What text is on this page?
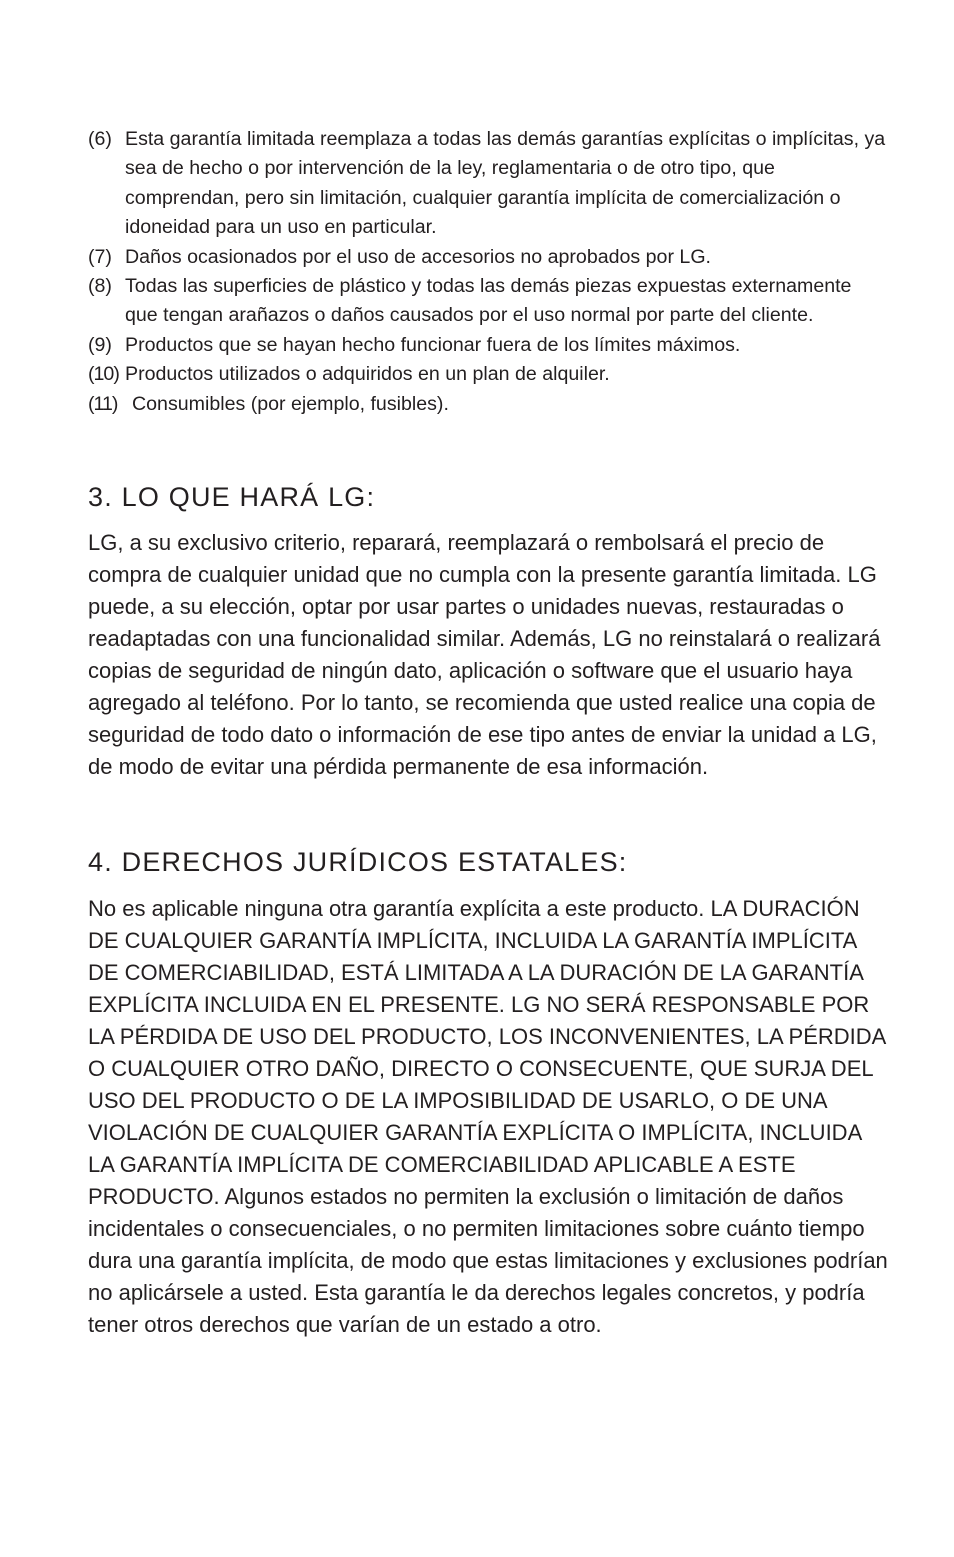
(6) Esta garantía limitada reemplaza a todas las demás garantías explícitas o implícitas, ya sea de hecho o por intervención de la ley, reglamentaria o de otro tipo, que comprendan, pero sin limitación, cualquier garantía implícita de comercialización o idoneidad para un uso en particular.
(7) Daños ocasionados por el uso de accesorios no aprobados por LG.
(8) Todas las superficies de plástico y todas las demás piezas expuestas externamente que tengan arañazos o daños causados por el uso normal por parte del cliente.
(9) Productos que se hayan hecho funcionar fuera de los límites máximos.
(10) Productos utilizados o adquiridos en un plan de alquiler.
(11) Consumibles (por ejemplo, fusibles).
3. LO QUE HARÁ LG:

LG, a su exclusivo criterio, reparará, reemplazará o rembolsará el precio de compra de cualquier unidad que no cumpla con la presente garantía limitada. LG puede, a su elección, optar por usar partes o unidades nuevas, restauradas o readaptadas con una funcionalidad similar. Además, LG no reinstalará o realizará copias de seguridad de ningún dato, aplicación o software que el usuario haya agregado al teléfono. Por lo tanto, se recomienda que usted realice una copia de seguridad de todo dato o información de ese tipo antes de enviar la unidad a LG, de modo de evitar una pérdida permanente de esa información.

4. DERECHOS JURÍDICOS ESTATALES:

No es aplicable ninguna otra garantía explícita a este producto. LA DURACIÓN DE CUALQUIER GARANTÍA IMPLÍCITA, INCLUIDA LA GARANTÍA IMPLÍCITA DE COMERCIABILIDAD, ESTÁ LIMITADA A LA DURACIÓN DE LA GARANTÍA EXPLÍCITA INCLUIDA EN EL PRESENTE. LG NO SERÁ RESPONSABLE POR LA PÉRDIDA DE USO DEL PRODUCTO, LOS INCONVENIENTES, LA PÉRDIDA O CUALQUIER OTRO DAÑO, DIRECTO O CONSECUENTE, QUE SURJA DEL USO DEL PRODUCTO O DE LA IMPOSIBILIDAD DE USARLO, O DE UNA VIOLACIÓN DE CUALQUIER GARANTÍA EXPLÍCITA O IMPLÍCITA, INCLUIDA LA GARANTÍA IMPLÍCITA DE COMERCIABILIDAD APLICABLE A ESTE PRODUCTO. Algunos estados no permiten la exclusión o limitación de daños incidentales o consecuenciales, o no permiten limitaciones sobre cuánto tiempo dura una garantía implícita, de modo que estas limitaciones y exclusiones podrían no aplicársele a usted. Esta garantía le da derechos legales concretos, y podría tener otros derechos que varían de un estado a otro.
